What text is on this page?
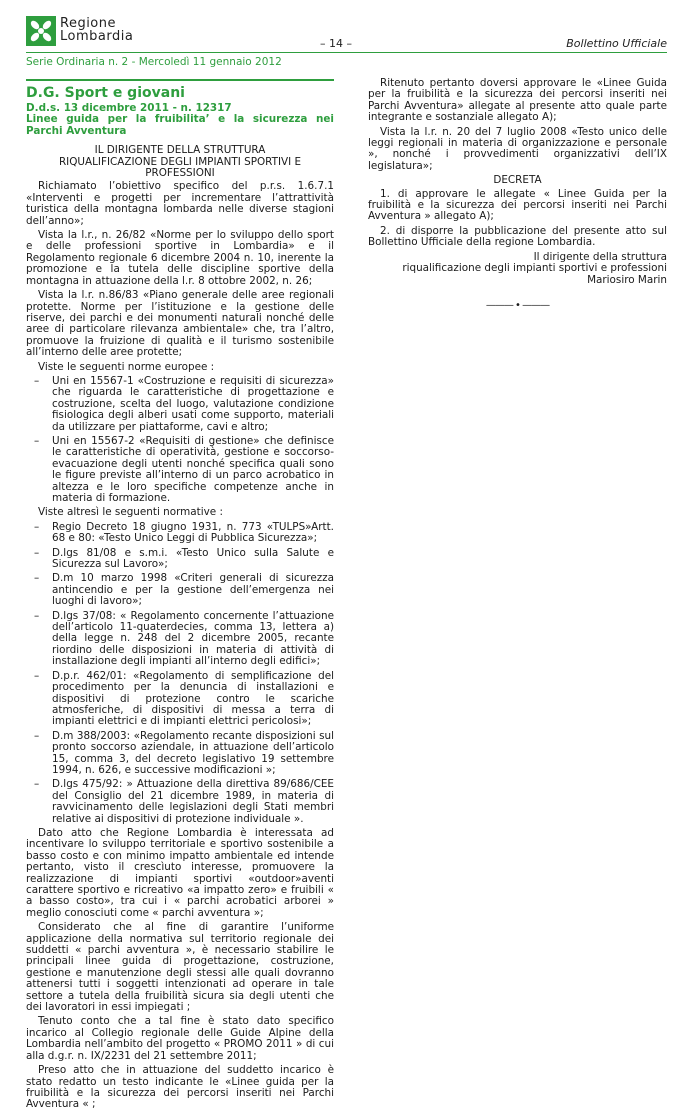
Regione
Lombardia	– 14 –	Bollettino Ufficiale
Serie Ordinaria n. 2 - Mercoledì 11 gennaio 2012
D.G. Sport e giovani
D.d.s. 13 dicembre 2011 - n. 12317
Linee guida per la fruibilita’ e la sicurezza nei Parchi Avventura
IL DIRIGENTE DELLA STRUTTURA
RIQUALIFICAZIONE DEGLI IMPIANTI SPORTIVI E PROFESSIONI

Richiamato l’obiettivo specifico del p.r.s. 1.6.7.1 «Interventi e progetti per incrementare l’attrattività turistica della montagna lombarda nelle diverse stagioni dell’anno»;

Vista la l.r., n. 26/82 «Norme per lo sviluppo dello sport e delle professioni sportive in Lombardia» e il Regolamento regionale 6 dicembre 2004 n. 10, inerente la promozione e la tutela delle discipline sportive della montagna in attuazione della l.r. 8 ottobre 2002, n. 26;

Vista la l.r. n.86/83 «Piano generale delle aree regionali protette. Norme per l’istituzione e la gestione delle riserve, dei parchi e dei monumenti naturali nonché delle aree di particolare rilevanza ambientale» che, tra l’altro, promuove la fruizione di qualità e il turismo sostenibile all’interno delle aree protette;

Viste le seguenti norme europee :

– Uni en 15567-1 «Costruzione e requisiti di sicurezza» che riguarda le caratteristiche di progettazione e costruzione, scelta del luogo, valutazione condizione fisiologica degli alberi usati come supporto, materiali da utilizzare per piattaforme, cavi e altro;
– Uni en 15567-2 «Requisiti di gestione» che definisce le caratteristiche di operatività, gestione e soccorso-evacuazione degli utenti nonché specifica quali sono le figure previste all’interno di un parco acrobatico in altezza e le loro specifiche competenze anche in materia di formazione.

Viste altresì le seguenti normative :

– Regio Decreto 18 giugno 1931, n. 773 «TULPS»Artt. 68 e 80: «Testo Unico Leggi di Pubblica Sicurezza»;
– D.lgs 81/08 e s.m.i. «Testo Unico sulla Salute e Sicurezza sul Lavoro»;
– D.m 10 marzo 1998 «Criteri generali di sicurezza antincendio e per la gestione dell’emergenza nei luoghi di lavoro»;
– D.lgs 37/08: « Regolamento concernente l’attuazione dell’articolo 11-quaterdecies, comma 13, lettera a) della legge n. 248 del 2 dicembre 2005, recante riordino delle disposizioni in materia di attività di installazione degli impianti all’interno degli edifici»;
– D.p.r. 462/01: «Regolamento di semplificazione del procedimento per la denuncia di installazioni e dispositivi di protezione contro le scariche atmosferiche, di dispositivi di messa a terra di impianti elettrici e di impianti elettrici pericolosi»;
– D.m 388/2003: «Regolamento recante disposizioni sul pronto soccorso aziendale, in attuazione dell’articolo 15, comma 3, del decreto legislativo 19 settembre 1994, n. 626, e successive modificazioni »;
– D.lgs 475/92: » Attuazione della direttiva 89/686/CEE del Consiglio del 21 dicembre 1989, in materia di ravvicinamento delle legislazioni degli Stati membri relative ai dispositivi di protezione individuale ».

Dato atto che Regione Lombardia è interessata ad incentivare lo sviluppo territoriale e sportivo sostenibile a basso costo e con minimo impatto ambientale ed intende pertanto, visto il crescìuto interesse, promuovere la realizzazione di impianti sportivi «outdoor»aventi carattere sportivo e ricreativo «a impatto zero» e fruibili « a basso costo», tra cui i « parchi acrobatici arborei » meglio conosciuti come « parchi avventura »;

Considerato che al fine di garantire l’uniforme applicazione della normativa sul territorio regionale dei suddetti « parchi avventura », è necessario stabilire le principali linee guida di progettazione, costruzione, gestione e manutenzione degli stessi alle quali dovranno attenersi tutti i soggetti intenzionati ad operare in tale settore a tutela della fruibilità sicura sia degli utenti che dei lavoratori in essi impiegati ;

Tenuto conto che a tal fine è stato dato specifico incarico al Collegio regionale delle Guide Alpine della Lombardia nell’ambito del progetto « PROMO 2011 » di cui alla d.g.r. n. IX/2231 del 21 settembre 2011;

Preso atto che in attuazione del suddetto incarico è stato redatto un testo indicante le «Linee guida per la fruibilità e la sicurezza dei percorsi inseriti nei Parchi Avventura « ;

Ritenuto pertanto doversi approvare le «Linee Guida per la fruibilità e la sicurezza dei percorsi inseriti nei Parchi Avventura» allegate al presente atto quale parte integrante e sostanziale allegato A);

Vista la l.r. n. 20 del 7 luglio 2008 «Testo unico delle leggi regionali in materia di organizzazione e personale », nonché i provvedimenti organizzativi dell’IX legislatura»;

DECRETA

1. di approvare le allegate « Linee Guida per la fruibilità e la sicurezza dei percorsi inseriti nei Parchi Avventura » allegato A);

2. di disporre la pubblicazione del presente atto sul Bollettino Ufficiale della regione Lombardia.

Il dirigente della struttura
riqualificazione degli impianti sportivi e professioni
Mariosiro Marin
——— • ———
